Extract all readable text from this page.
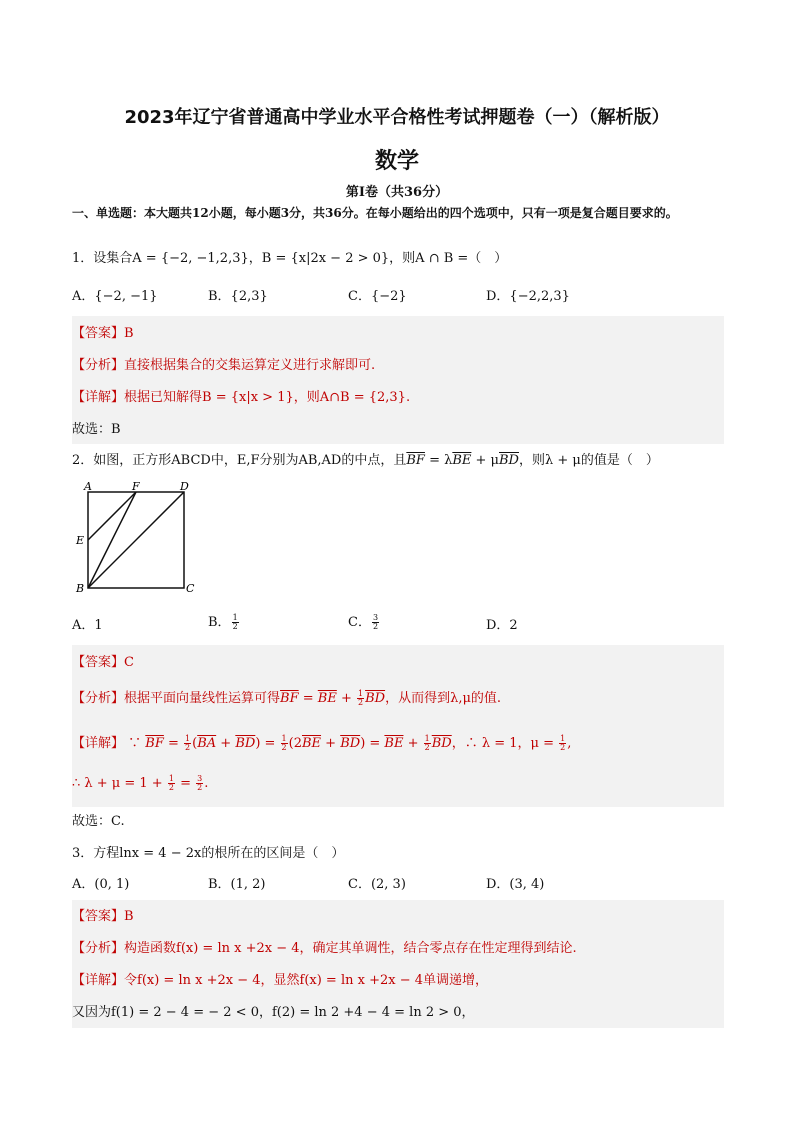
2023年辽宁省普通高中学业水平合格性考试押题卷（一）（解析版）
数学
第Ⅰ卷（共36分）
一、单选题：本大题共12小题，每小题3分，共36分。在每小题给出的四个选项中，只有一项是复合题目要求的。
1．设集合A = {−2, −1,2,3}，B = {x|2x − 2 > 0}，则A ∩ B =（　）
A．{−2, −1}	B．{2,3}	C．{−2}	D．{−2,2,3}
【答案】B
【分析】直接根据集合的交集运算定义进行求解即可.
【详解】根据已知解得B = {x|x > 1}，则A∩B = {2,3}.
故选：B
2．如图，正方形ABCD中，E,F分别为AB,AD的中点，且$\overline{BF} = \lambda\overline{BE} + \mu\overline{BD}$，则λ + μ的值是（　）
A	F	D
E
B	C
A．1	B． $\frac{1}{2}$	C． $\frac{3}{2}$	D．2
【答案】C
【分析】根据平面向量线性运算可得$\overline{BF} = \overline{BE} + \frac{1}{2} \overline{BD}$，从而得到λ,μ的值.
【详解】 ∵ $\overline{BF} = \frac{1}{2} (\overline{BA} + \overline{BD}) = \frac{1}{2} (2\overline{BE} + \overline{BD}) = \overline{BE} + \frac{1}{2} \overline{BD}$，∴ λ = 1，$\mu = \frac{1}{2}$ ,
∴ $\lambda + \mu = 1 + \frac{1}{2} = \frac{3}{2}$ .
故选：C.
3．方程lnx = 4 − 2x的根所在的区间是（　）
A．(0, 1)	B．(1, 2)	C．(2, 3)	D．(3, 4)
【答案】B
【分析】构造函数f(x) = ln x +2x − 4，确定其单调性，结合零点存在性定理得到结论.
【详解】令f(x) = ln x +2x − 4，显然f(x) = ln x +2x − 4单调递增，
又因为f(1) = 2 − 4 = − 2 < 0，f(2) = ln 2 +4 − 4 = ln 2 > 0，
